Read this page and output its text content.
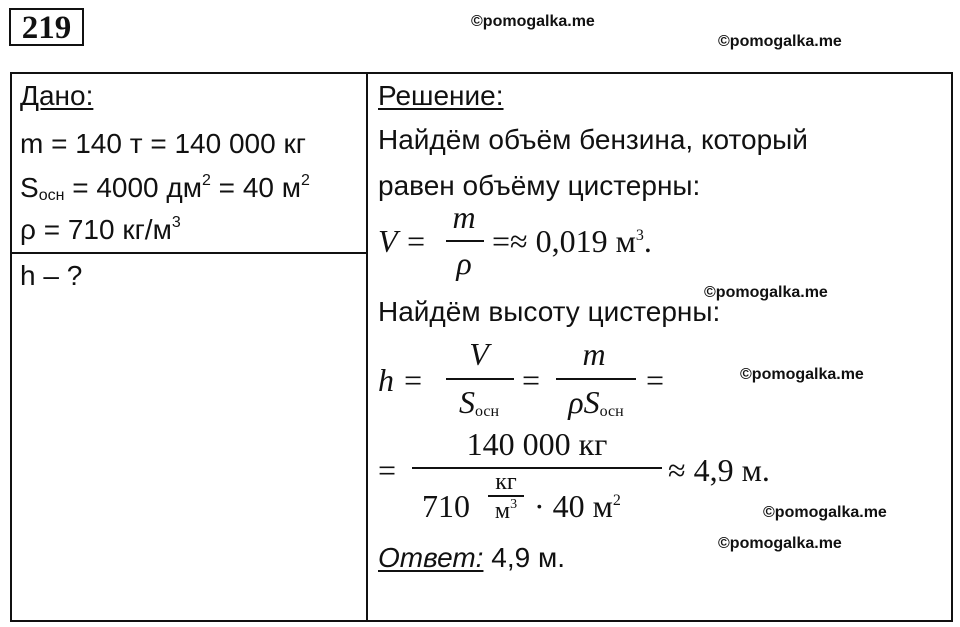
219	©pomogalka.me
©pomogalka.me
©pomogalka.me
©pomogalka.me
©pomogalka.me
©pomogalka.me
Дано:
m = 140 т = 140 000 кг
$S_{осн} = 4000$ $дм^2 = 40$ $м^2$
ρ = 710 $кг/м^3$
h – ?
Решение:
Найдём объём бензина, который
равен объёму цистерны:
V =
m
ρ
=≈ 0,019 $м^3$.
Найдём высоту цистерны:
h =
V
$S_{осн}$
=
m
$\rho S_{осн}$
=
=
140 000 кг
710
кг
$м^3 \cdot 40$ $м^2$
≈ 4,9 м.
Ответ: 4,9 м.
